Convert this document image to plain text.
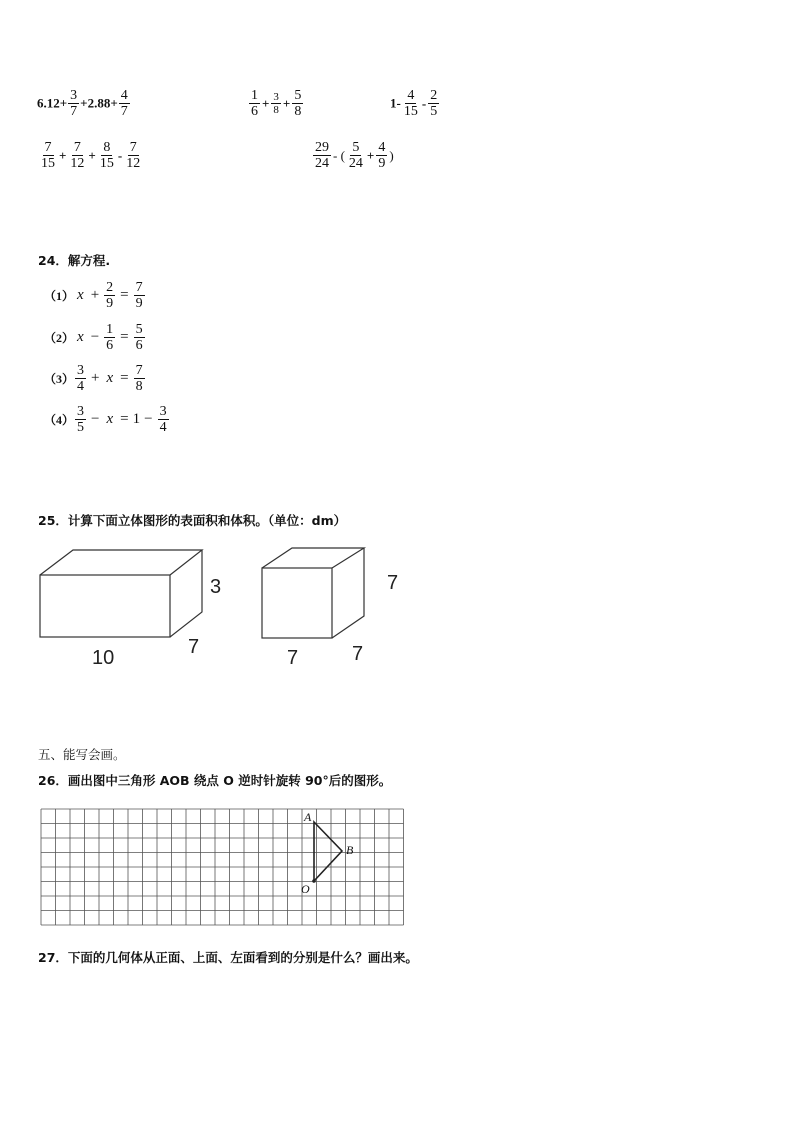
$6.12+ \frac{3}{7} +2.88+ \frac{4}{7}$	$\frac{1}{6} + \frac{3}{8} + \frac{5}{8}$	$1- \frac{4}{15} - \frac{2}{5}$
$\frac{7}{15} + \frac{7}{12} + \frac{8}{15} - \frac{7}{12}$	$\frac{29}{24}$ - ( $\frac{5}{24} + \frac{4}{9}$ )
24．解方程.
（1） $x + \frac{2}{9} = \frac{7}{9}$
（2） $x - \frac{1}{6} = \frac{5}{6}$
$(3) \frac{3}{4} + x = \frac{7}{8}$
$(4) \frac{3}{5} - x = 1 - \frac{3}{4}$
25．计算下面立体图形的表面积和体积。（单位：dm）
3
10	7
7
7	7
五、能写会画。
26．画出图中三角形 AOB 绕点 O 逆时针旋转 90°后的图形。
A
B
O
27．下面的几何体从正面、上面、左面看到的分别是什么？画出来。
